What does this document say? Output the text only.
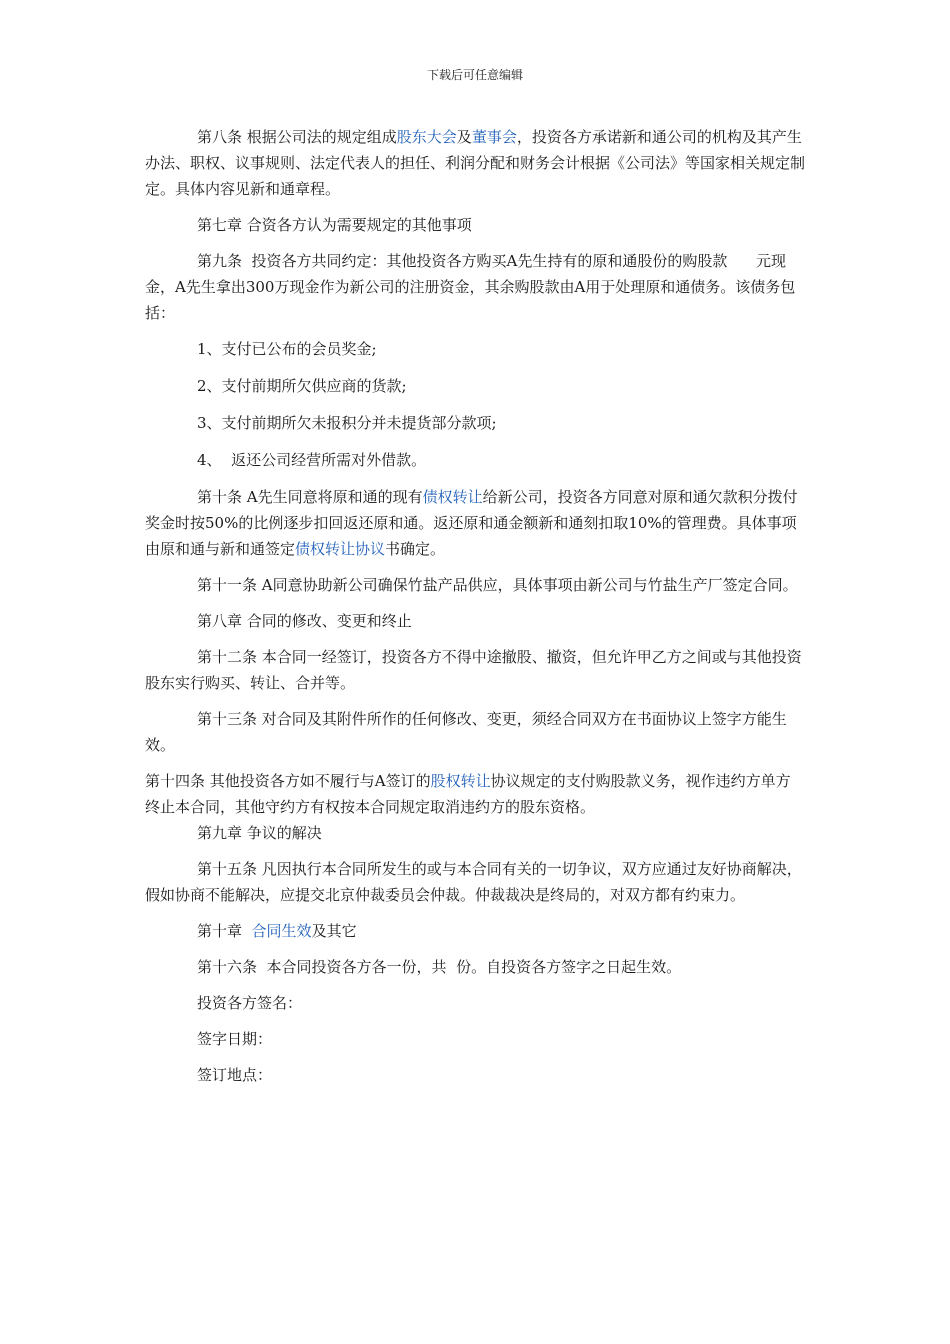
下载后可任意编辑

第八条 根据公司法的规定组成股东大会及董事会，投资各方承诺新和通公司的机构及其产生办法、职权、议事规则、法定代表人的担任、利润分配和财务会计根据《公司法》等国家相关规定制定。具体内容见新和通章程。

第七章 合资各方认为需要规定的其他事项

第九条  投资各方共同约定：其他投资各方购买A先生持有的原和通股份的购股款      元现金，A先生拿出300万现金作为新公司的注册资金，其余购股款由A用于处理原和通债务。该债务包括：

1、支付已公布的会员奖金;

2、支付前期所欠供应商的货款;

3、支付前期所欠未报积分并未提货部分款项;

4、  返还公司经营所需对外借款。

第十条 A先生同意将原和通的现有债权转让给新公司，投资各方同意对原和通欠款积分拨付奖金时按50%的比例逐步扣回返还原和通。返还原和通金额新和通刻扣取10%的管理费。具体事项由原和通与新和通签定债权转让协议书确定。

第十一条 A同意协助新公司确保竹盐产品供应，具体事项由新公司与竹盐生产厂签定合同。

第八章 合同的修改、变更和终止

第十二条 本合同一经签订，投资各方不得中途撤股、撤资，但允许甲乙方之间或与其他投资股东实行购买、转让、合并等。

第十三条 对合同及其附件所作的任何修改、变更，须经合同双方在书面协议上签字方能生效。

第十四条 其他投资各方如不履行与A签订的股权转让协议规定的支付购股款义务，视作违约方单方终止本合同，其他守约方有权按本合同规定取消违约方的股东资格。

第九章 争议的解决

第十五条 凡因执行本合同所发生的或与本合同有关的一切争议，双方应通过友好协商解决，假如协商不能解决，应提交北京仲裁委员会仲裁。仲裁裁决是终局的，对双方都有约束力。

第十章  合同生效及其它

第十六条  本合同投资各方各一份，共  份。自投资各方签字之日起生效。

投资各方签名：

签字日期：

签订地点：
